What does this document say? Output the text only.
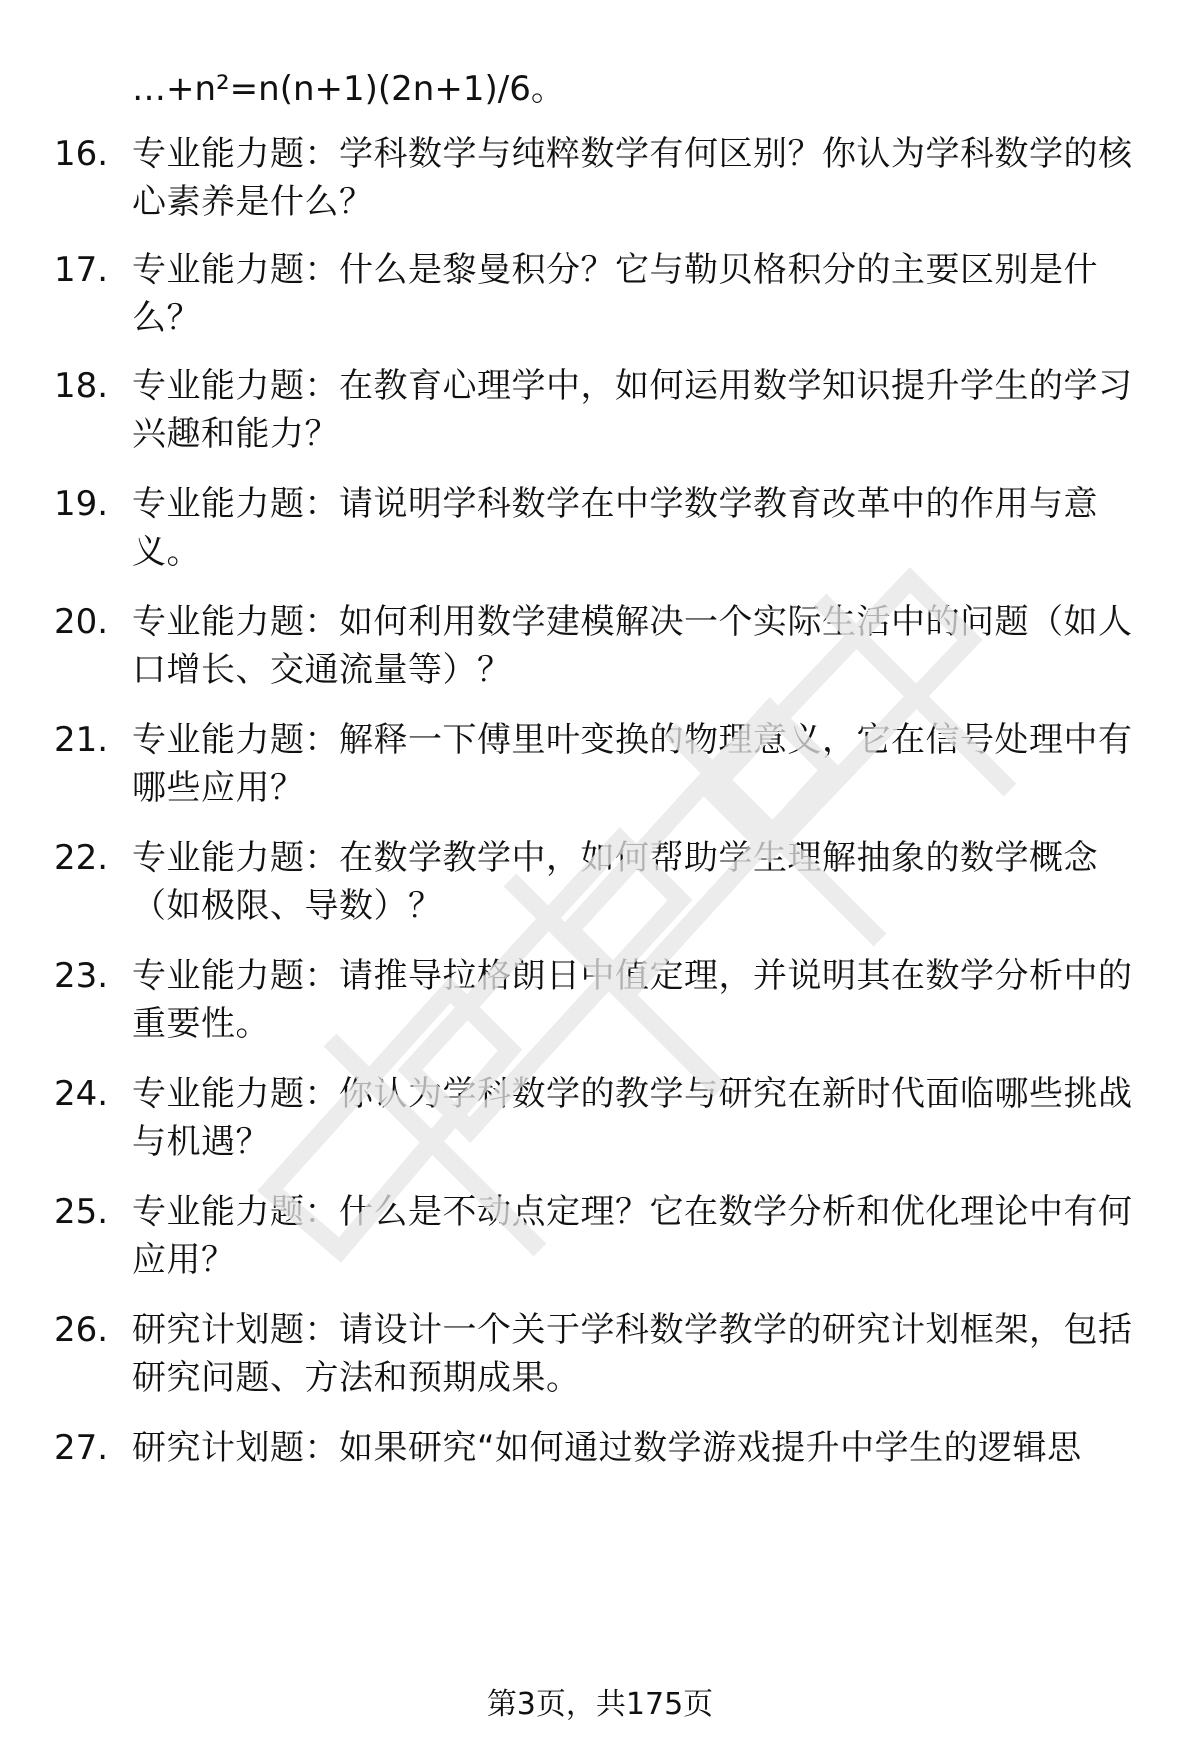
…+n²=n(n+1)(2n+1)/6。
16. 专业能力题：学科数学与纯粹数学有何区别？你认为学科数学的核心素养是什么？
17. 专业能力题：什么是黎曼积分？它与勒贝格积分的主要区别是什么？
18. 专业能力题：在教育心理学中，如何运用数学知识提升学生的学习兴趣和能力？
19. 专业能力题：请说明学科数学在中学数学教育改革中的作用与意义。
20. 专业能力题：如何利用数学建模解决一个实际生活中的问题（如人口增长、交通流量等）？
21. 专业能力题：解释一下傅里叶变换的物理意义，它在信号处理中有哪些应用？
22. 专业能力题：在数学教学中，如何帮助学生理解抽象的数学概念（如极限、导数）？
23. 专业能力题：请推导拉格朗日中值定理，并说明其在数学分析中的重要性。
24. 专业能力题：你认为学科数学的教学与研究在新时代面临哪些挑战与机遇？
25. 专业能力题：什么是不动点定理？它在数学分析和优化理论中有何应用？
26. 研究计划题：请设计一个关于学科数学教学的研究计划框架，包括研究问题、方法和预期成果。
27. 研究计划题：如果研究“如何通过数学游戏提升中学生的逻辑思
第3页，共175页
